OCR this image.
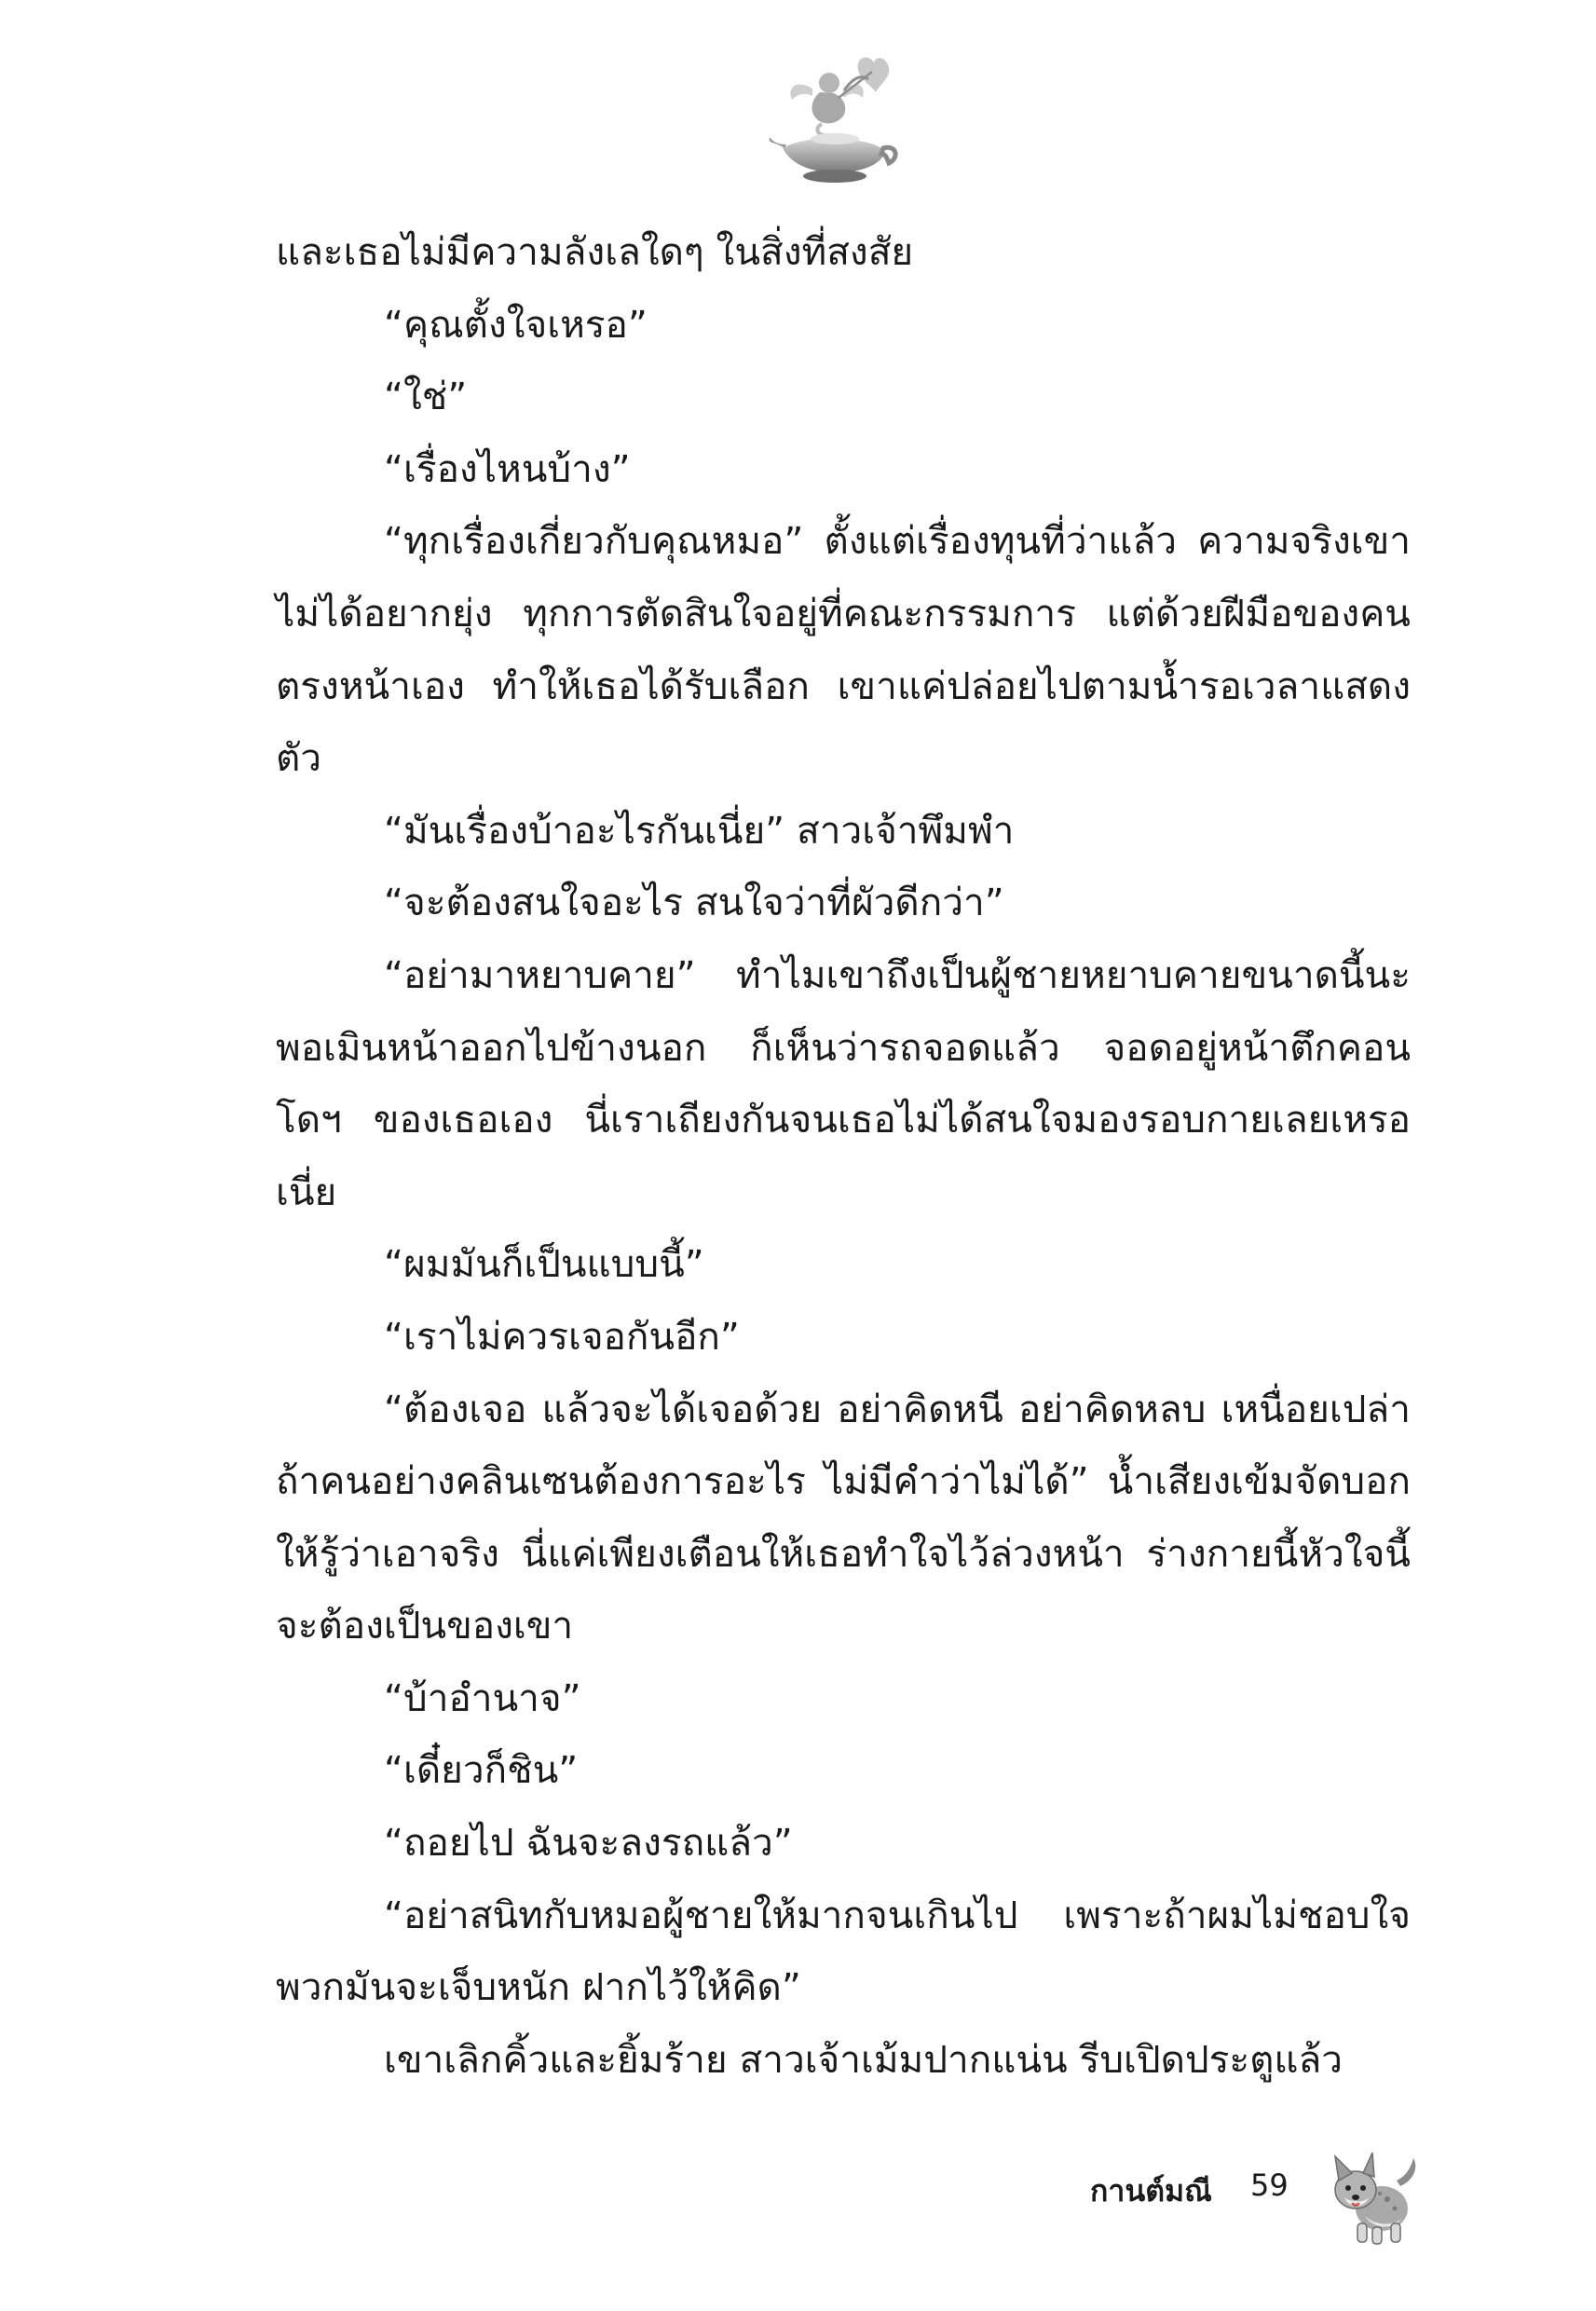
และเธอไม่มีความลังเลใดๆ ในสิ่งที่สงสัย

“คุณตั้งใจเหรอ”

“ใช่”

“เรื่องไหนบ้าง”

“ทุกเรื่องเกี่ยวกับคุณหมอ” ตั้งแต่เรื่องทุนที่ว่าแล้ว ความจริงเขาไม่ได้อยากยุ่ง ทุกการตัดสินใจอยู่ที่คณะกรรมการ แต่ด้วยฝีมือของคนตรงหน้าเอง ทำให้เธอได้รับเลือก เขาแค่ปล่อยไปตามน้ำรอเวลาแสดงตัว

“มันเรื่องบ้าอะไรกันเนี่ย” สาวเจ้าพึมพำ

“จะต้องสนใจอะไร สนใจว่าที่ผัวดีกว่า”

“อย่ามาหยาบคาย” ทำไมเขาถึงเป็นผู้ชายหยาบคายขนาดนี้นะ พอเมินหน้าออกไปข้างนอก ก็เห็นว่ารถจอดแล้ว จอดอยู่หน้าตึกคอนโดฯ ของเธอเอง นี่เราเถียงกันจนเธอไม่ได้สนใจมองรอบกายเลยเหรอเนี่ย

“ผมมันก็เป็นแบบนี้”

“เราไม่ควรเจอกันอีก”

“ต้องเจอ แล้วจะได้เจอด้วย อย่าคิดหนี อย่าคิดหลบ เหนื่อยเปล่าถ้าคนอย่างคลินเซนต้องการอะไร ไม่มีคำว่าไม่ได้” น้ำเสียงเข้มจัดบอกให้รู้ว่าเอาจริง นี่แค่เพียงเตือนให้เธอทำใจไว้ล่วงหน้า ร่างกายนี้หัวใจนี้ จะต้องเป็นของเขา

“บ้าอำนาจ”

“เดี๋ยวก็ชิน”

“ถอยไป ฉันจะลงรถแล้ว”

“อย่าสนิทกับหมอผู้ชายให้มากจนเกินไป เพราะถ้าผมไม่ชอบใจพวกมันจะเจ็บหนัก ฝากไว้ให้คิด”

เขาเลิกคิ้วและยิ้มร้าย สาวเจ้าเม้มปากแน่น รีบเปิดประตูแล้ว

กานต์มณี 59
